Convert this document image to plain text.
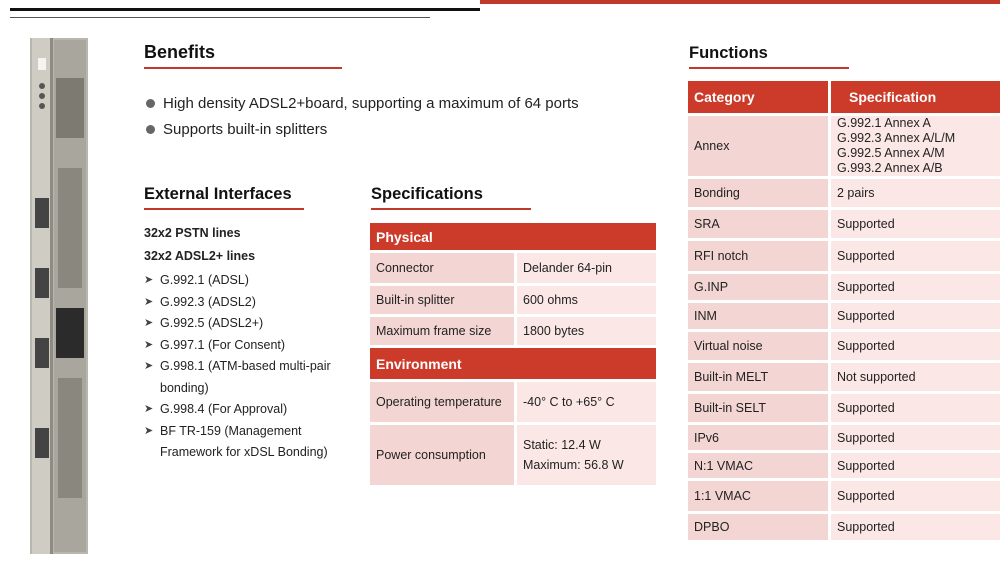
Benefits
High density ADSL2+board, supporting a maximum of 64 ports
Supports built-in splitters
External Interfaces
32x2 PSTN lines
32x2 ADSL2+ lines
➤ G.992.1 (ADSL)
➤ G.992.3 (ADSL2)
➤ G.992.5 (ADSL2+)
➤ G.997.1 (For Consent)
➤ G.998.1 (ATM-based multi-pair bonding)
➤ G.998.4 (For Approval)
➤ BF TR-159 (Management Framework for xDSL Bonding)
Specifications
Physical	
Connector	Delander 64-pin
Built-in splitter	600 ohms
Maximum frame size	1800 bytes
Environment	
Operating temperature	-40° C to +65° C
Power consumption	Static: 12.4 W
Maximum: 56.8 W
Functions
Category	Specification
Annex	G.992.1 Annex A
G.992.3 Annex A/L/M
G.992.5 Annex A/M
G.993.2 Annex A/B

Bonding	2 pairs
SRA	Supported
RFI notch	Supported
G.INP	Supported
INM	Supported
Virtual noise	Supported
Built-in MELT	Not supported
Built-in SELT	Supported
IPv6	Supported
N:1 VMAC	Supported
1:1 VMAC	Supported
DPBO	Supported
